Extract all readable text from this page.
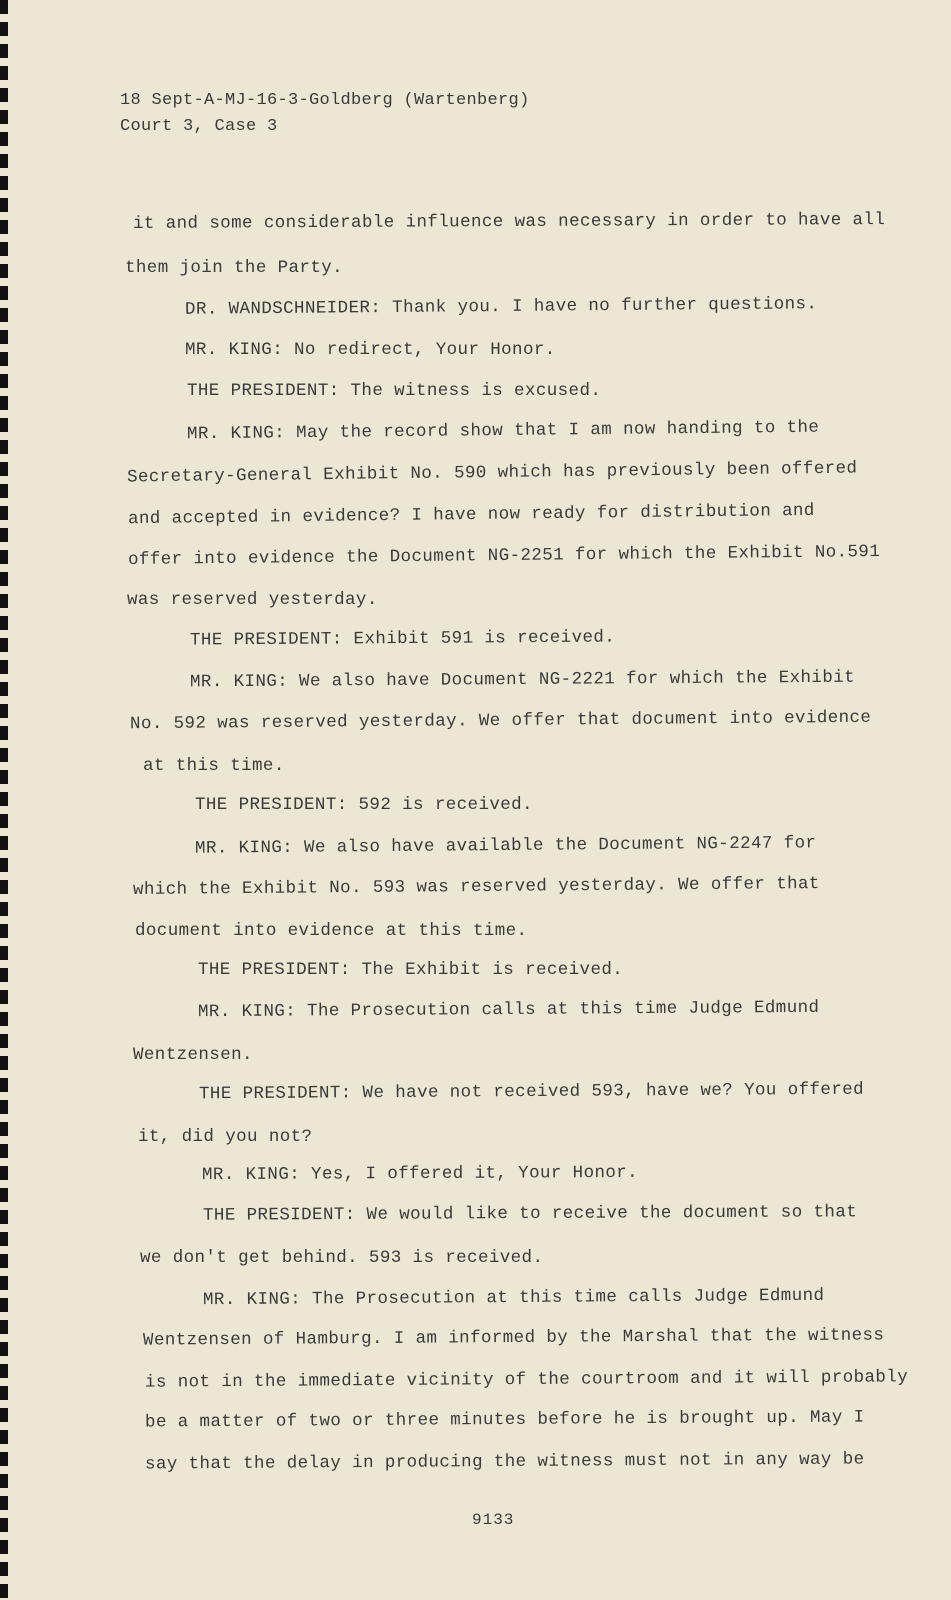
18 Sept-A-MJ-16-3-Goldberg (Wartenberg)
Court 3, Case 3
it and some considerable influence was necessary in order to have all
them join the Party.
DR. WANDSCHNEIDER: Thank you. I have no further questions.
MR. KING: No redirect, Your Honor.
THE PRESIDENT: The witness is excused.
MR. KING: May the record show that I am now handing to the
Secretary-General Exhibit No. 590 which has previously been offered
and accepted in evidence? I have now ready for distribution and
offer into evidence the Document NG-2251 for which the Exhibit No.591
was reserved yesterday.
THE PRESIDENT: Exhibit 591 is received.
MR. KING: We also have Document NG-2221 for which the Exhibit
No. 592 was reserved yesterday. We offer that document into evidence
at this time.
THE PRESIDENT: 592 is received.
MR. KING: We also have available the Document NG-2247 for
which the Exhibit No. 593 was reserved yesterday. We offer that
document into evidence at this time.
THE PRESIDENT: The Exhibit is received.
MR. KING: The Prosecution calls at this time Judge Edmund
Wentzensen.
THE PRESIDENT: We have not received 593, have we? You offered
it, did you not?
MR. KING: Yes, I offered it, Your Honor.
THE PRESIDENT: We would like to receive the document so that
we don't get behind. 593 is received.
MR. KING: The Prosecution at this time calls Judge Edmund
Wentzensen of Hamburg. I am informed by the Marshal that the witness
is not in the immediate vicinity of the courtroom and it will probably
be a matter of two or three minutes before he is brought up. May I
say that the delay in producing the witness must not in any way be
9133
